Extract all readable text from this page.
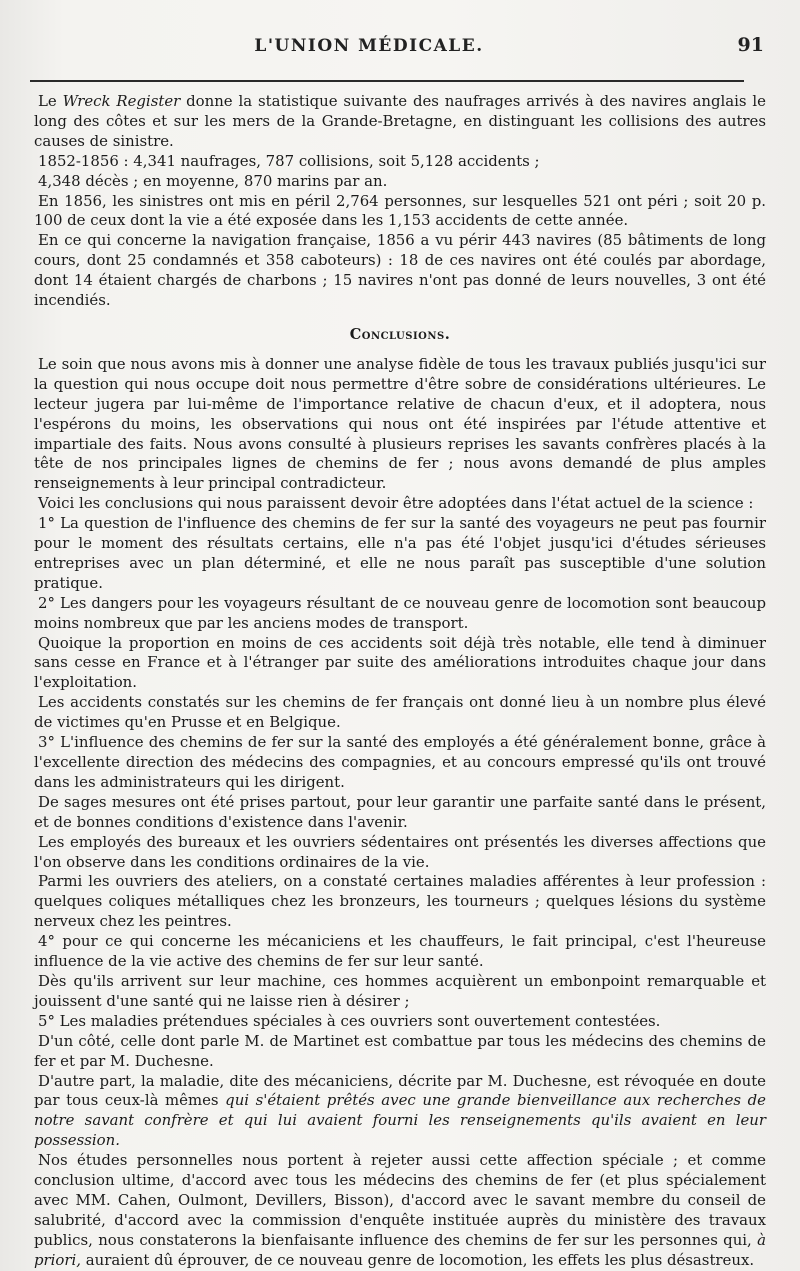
L'UNION MÉDICALE.	91

Le Wreck Register donne la statistique suivante des naufrages arrivés à des navires anglais le long des côtes et sur les mers de la Grande-Bretagne, en distinguant les collisions des autres causes de sinistre.

1852-1856 : 4,341 naufrages, 787 collisions, soit 5,128 accidents ;

4,348 décès ; en moyenne, 870 marins par an.

En 1856, les sinistres ont mis en péril 2,764 personnes, sur lesquelles 521 ont péri ; soit 20 p. 100 de ceux dont la vie a été exposée dans les 1,153 accidents de cette année.

En ce qui concerne la navigation française, 1856 a vu périr 443 navires (85 bâtiments de long cours, dont 25 condamnés et 358 caboteurs) : 18 de ces navires ont été coulés par abordage, dont 14 étaient chargés de charbons ; 15 navires n'ont pas donné de leurs nouvelles, 3 ont été incendiés.

Conclusions.

Le soin que nous avons mis à donner une analyse fidèle de tous les travaux publiés jusqu'ici sur la question qui nous occupe doit nous permettre d'être sobre de considérations ultérieures. Le lecteur jugera par lui-même de l'importance relative de chacun d'eux, et il adoptera, nous l'espérons du moins, les observations qui nous ont été inspirées par l'étude attentive et impartiale des faits. Nous avons consulté à plusieurs reprises les savants confrères placés à la tête de nos principales lignes de chemins de fer ; nous avons demandé de plus amples renseignements à leur principal contradicteur.

Voici les conclusions qui nous paraissent devoir être adoptées dans l'état actuel de la science :

1° La question de l'influence des chemins de fer sur la santé des voyageurs ne peut pas fournir pour le moment des résultats certains, elle n'a pas été l'objet jusqu'ici d'études sérieuses entreprises avec un plan déterminé, et elle ne nous paraît pas susceptible d'une solution pratique.

2° Les dangers pour les voyageurs résultant de ce nouveau genre de locomotion sont beaucoup moins nombreux que par les anciens modes de transport.

Quoique la proportion en moins de ces accidents soit déjà très notable, elle tend à diminuer sans cesse en France et à l'étranger par suite des améliorations introduites chaque jour dans l'exploitation.

Les accidents constatés sur les chemins de fer français ont donné lieu à un nombre plus élevé de victimes qu'en Prusse et en Belgique.

3° L'influence des chemins de fer sur la santé des employés a été généralement bonne, grâce à l'excellente direction des médecins des compagnies, et au concours empressé qu'ils ont trouvé dans les administrateurs qui les dirigent.

De sages mesures ont été prises partout, pour leur garantir une parfaite santé dans le présent, et de bonnes conditions d'existence dans l'avenir.

Les employés des bureaux et les ouvriers sédentaires ont présentés les diverses affections que l'on observe dans les conditions ordinaires de la vie.

Parmi les ouvriers des ateliers, on a constaté certaines maladies afférentes à leur profession : quelques coliques métalliques chez les bronzeurs, les tourneurs ; quelques lésions du système nerveux chez les peintres.

4° pour ce qui concerne les mécaniciens et les chauffeurs, le fait principal, c'est l'heureuse influence de la vie active des chemins de fer sur leur santé.

Dès qu'ils arrivent sur leur machine, ces hommes acquièrent un embonpoint remarquable et jouissent d'une santé qui ne laisse rien à désirer ;

5° Les maladies prétendues spéciales à ces ouvriers sont ouvertement contestées.

D'un côté, celle dont parle M. de Martinet est combattue par tous les médecins des chemins de fer et par M. Duchesne.

D'autre part, la maladie, dite des mécaniciens, décrite par M. Duchesne, est révoquée en doute par tous ceux-là mêmes qui s'étaient prêtés avec une grande bienveillance aux recherches de notre savant confrère et qui lui avaient fourni les renseignements qu'ils avaient en leur possession.

Nos études personnelles nous portent à rejeter aussi cette affection spéciale ; et comme conclusion ultime, d'accord avec tous les médecins des chemins de fer (et plus spécialement avec MM. Cahen, Oulmont, Devillers, Bisson), d'accord avec le savant membre du conseil de salubrité, d'accord avec la commission d'enquête instituée auprès du ministère des travaux publics, nous constaterons la bienfaisante influence des chemins de fer sur les personnes qui, à priori, auraient dû éprouver, de ce nouveau genre de locomotion, les effets les plus désastreux.
